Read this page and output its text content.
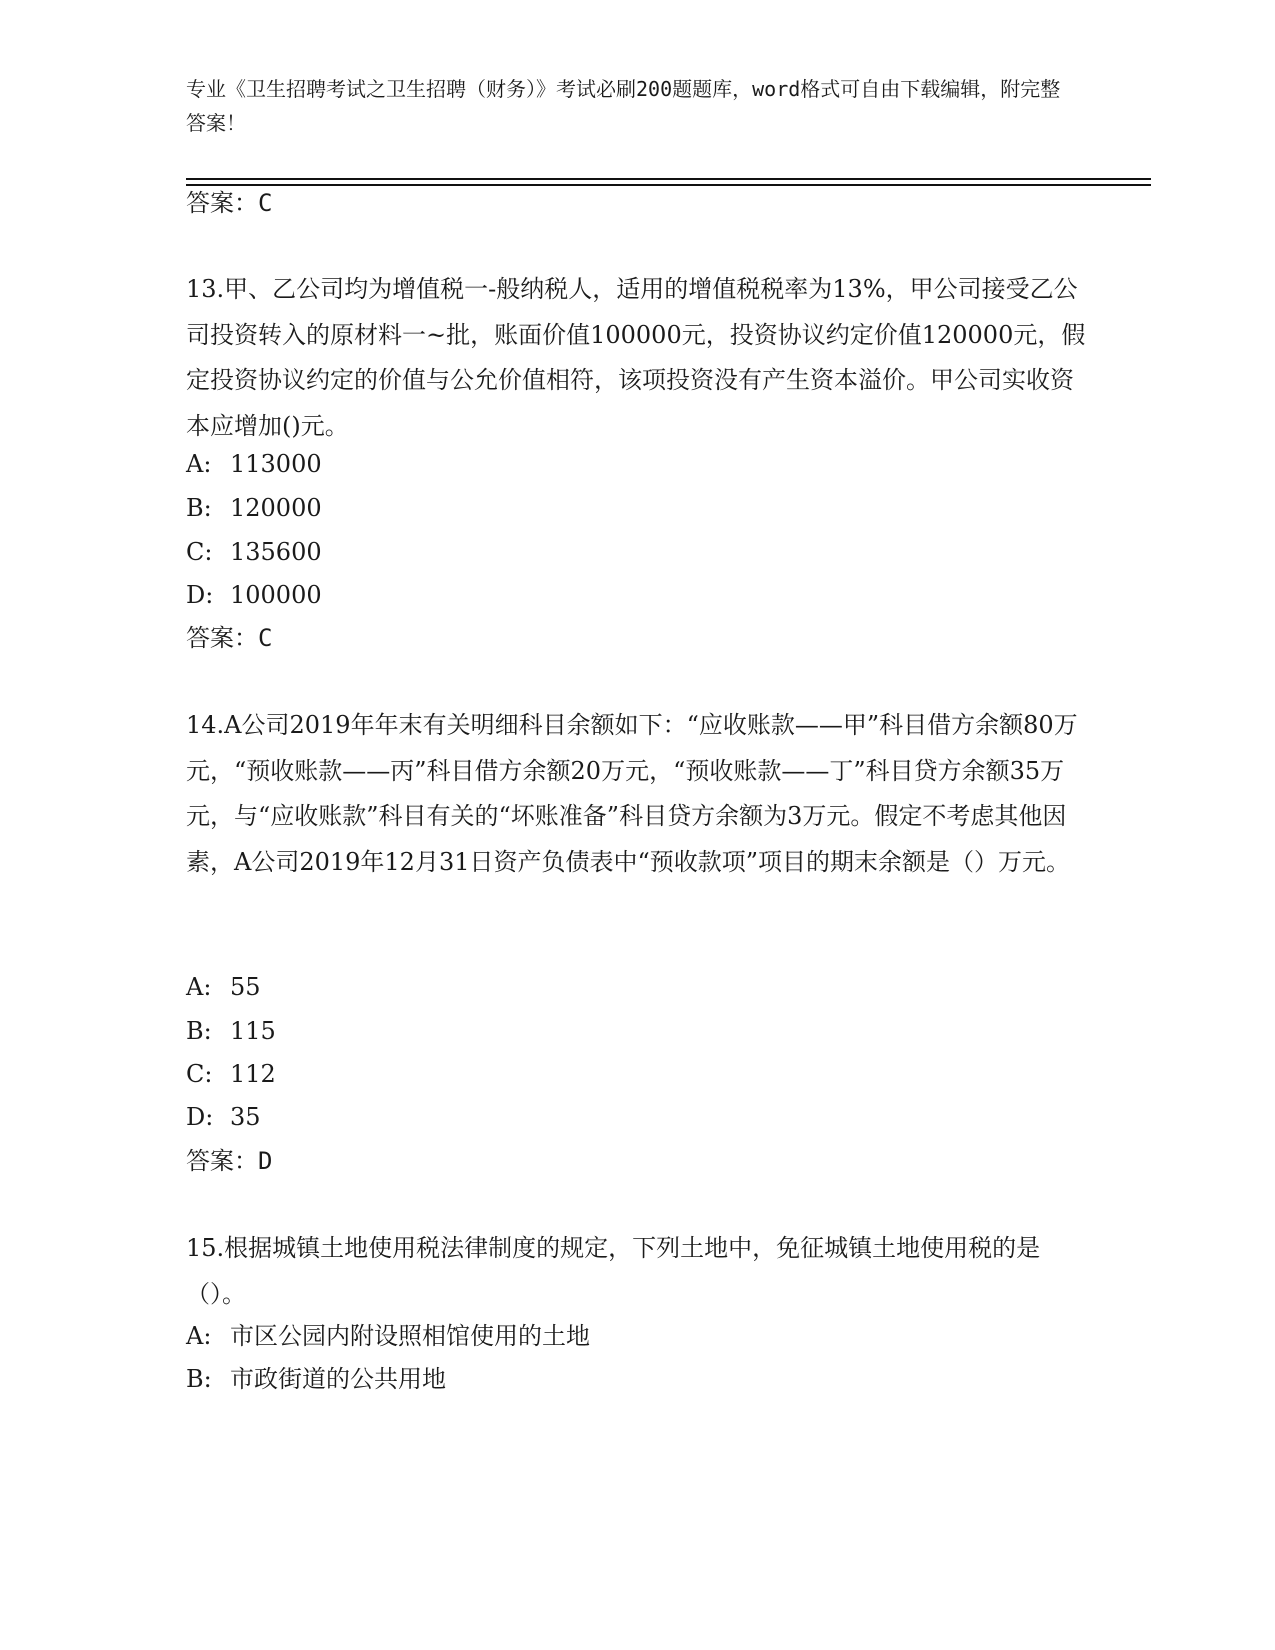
专业《卫生招聘考试之卫生招聘（财务）》考试必刷200题题库，word格式可自由下载编辑，附完整答案！
答案：C
13.甲、乙公司均为增值税一-般纳税人，适用的增值税税率为13%，甲公司接受乙公司投资转入的原材料一~批，账面价值100000元，投资协议约定价值120000元，假定投资协议约定的价值与公允价值相符，该项投资没有产生资本溢价。甲公司实收资本应增加()元。
A: 113000
B: 120000
C: 135600
D: 100000
答案：C
14.A公司2019年年末有关明细科目余额如下：“应收账款——甲”科目借方余额80万元，“预收账款——丙”科目借方余额20万元，“预收账款——丁”科目贷方余额35万元，与“应收账款”科目有关的“坏账准备”科目贷方余额为3万元。假定不考虑其他因素，A公司2019年12月31日资产负债表中“预收款项”项目的期末余额是（）万元。
A: 55
B: 115
C: 112
D: 35
答案：D
15.根据城镇土地使用税法律制度的规定，下列土地中，免征城镇土地使用税的是（）。
A: 市区公园内附设照相馆使用的土地
B: 市政街道的公共用地
